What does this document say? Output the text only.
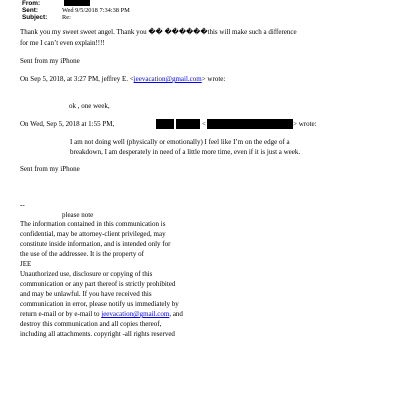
From:
Sent:	Wed 9/5/2018 7:34:38 PM
Subject: Re:
Thank you my sweet sweet angel. Thank you �� ������this will make such a difference
for me I can’t even explain!!!!
Sent from my iPhone
On Sep 5, 2018, at 3:27 PM, jeffrey E. <jeevacation@gmail.com> wrote:
ok , one week,
On Wed, Sep 5, 2018 at 1:55 PM,	<	> wrote:
I am not doing well (physically or emotionally) I feel like I’m on the edge of a
breakdown, I am desperately in need of a little more time, even if it is just a week.
Sent from my iPhone
--
please note
The information contained in this communication is
confidential, may be attorney-client privileged, may
constitute inside information, and is intended only for
the use of the addressee. It is the property of
JEE
Unauthorized use, disclosure or copying of this
communication or any part thereof is strictly prohibited
and may be unlawful. If you have received this
communication in error, please notify us immediately by
return e-mail or by e-mail to jeevacation@gmail.com, and
destroy this communication and all copies thereof,
including all attachments. copyright -all rights reserved
